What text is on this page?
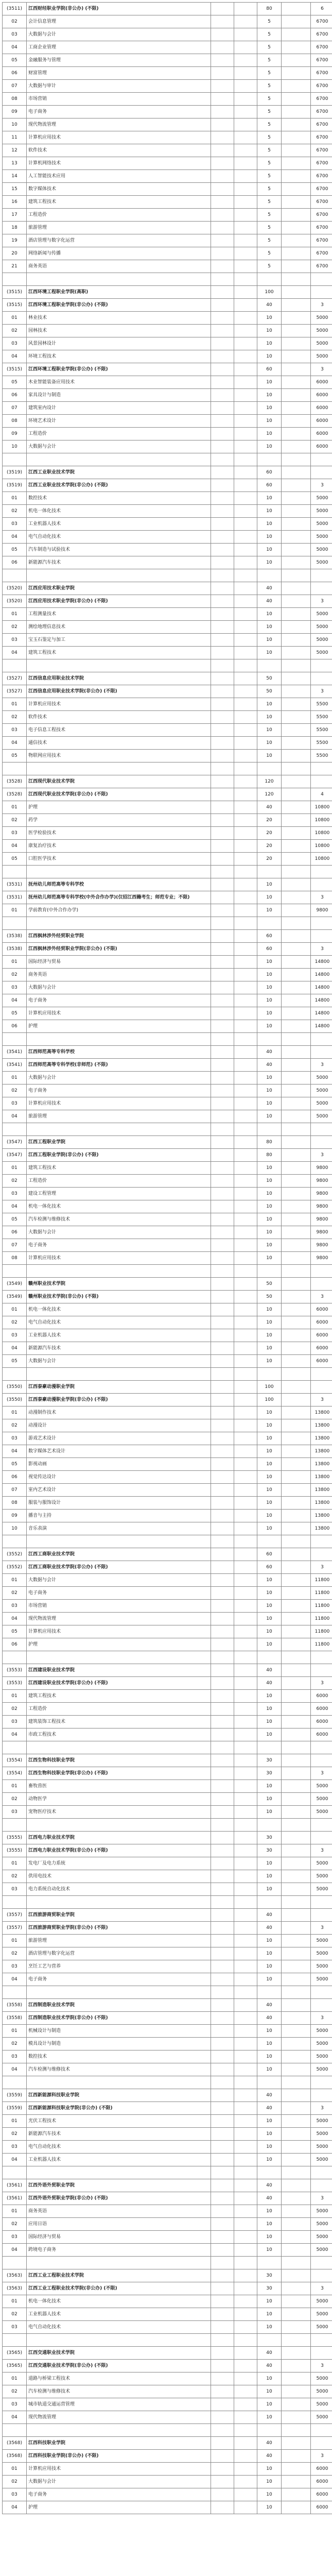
(3511)	江西财经职业学院(非公办) (不限)			80		6
02	会计信息管理			5		6700
03	大数据与会计			5		6700
04	工商企业管理			5		6700
05	金融服务与管理			5		6700
06	财富管理			5		6700
07	大数据与审计			5		6700
08	市场营销			5		6700
09	电子商务			5		6700
10	现代物流管理			5		6700
11	计算机应用技术			5		6700
12	软件技术			5		6700
13	计算机网络技术			5		6700
14	人工智能技术应用			5		6700
15	数字媒体技术			5		6700
16	建筑工程技术			5		6700
17	工程造价			5		6700
18	旅游管理			5		6700
19	酒店管理与数字化运营			5		6700
20	网络新闻与传播			5		6700
21	商务英语			5		6700

(3515)	江西环境工程职业学院(高职)			100		
(3515)	江西环境工程职业学院(非公办) (不限)			40		3
01	林业技术			10		5000
02	园林技术			10		5000
03	风景园林设计			10		5000
04	环境工程技术			10		5000
(3515)	江西环境工程职业学院(非公办) (不限)			60		3
05	木业智能装备应用技术			10		6000
06	家具设计与制造			10		6000
07	建筑室内设计			10		6000
08	环境艺术设计			10		6000
09	工程造价			10		6000
10	大数据与会计			10		6000

(3519)	江西工业职业技术学院			60		
(3519)	江西工业职业技术学院(非公办) (不限)			60		3
01	数控技术			10		5000
02	机电一体化技术			10		5000
03	工业机器人技术			10		5000
04	电气自动化技术			10		5000
05	汽车制造与试验技术			10		5000
06	新能源汽车技术			10		5000

(3520)	江西应用技术职业学院			40		
(3520)	江西应用技术职业学院(非公办) (不限)			40		3
01	工程测量技术			10		5000
02	测绘地理信息技术			10		5000
03	宝玉石鉴定与加工			10		5000
04	建筑工程技术			10		5000

(3527)	江西信息应用职业技术学院			50		
(3527)	江西信息应用职业技术学院(非公办) (不限)			50		3
01	计算机应用技术			10		5500
02	软件技术			10		5500
03	电子信息工程技术			10		5500
04	通信技术			10		5500
05	物联网应用技术			10		5500

(3528)	江西现代职业技术学院			120		
(3528)	江西现代职业技术学院(非公办) (不限)			120		4
01	护理			40		10800
02	药学			20		10800
03	医学检验技术			20		10800
04	康复治疗技术			20		10800
05	口腔医学技术			20		10800

(3531)	抚州幼儿师范高等专科学校			10		
(3531)	抚州幼儿师范高等专科学校(中外合作办学)(仅招江西籍考生；师范专业；不限)			10		3
01	学前教育(中外合作办学)			10		9800

(3538)	江西枫林涉外经贸职业学院			60		
(3538)	江西枫林涉外经贸职业学院(非公办) (不限)			60		3
01	国际经济与贸易			10		14800
02	商务英语			10		14800
03	大数据与会计			10		14800
04	电子商务			10		14800
05	计算机应用技术			10		14800
06	护理			10		14800

(3541)	江西师范高等专科学校			40		
(3541)	江西师范高等专科学校(非师范) (不限)			40		3
01	大数据与会计			10		5000
02	电子商务			10		5000
03	计算机应用技术			10		5000
04	旅游管理			10		5000

(3547)	江西工程职业学院			80		
(3547)	江西工程职业学院(非公办) (不限)			80		3
01	建筑工程技术			10		9800
02	工程造价			10		9800
03	建设工程管理			10		9800
04	机电一体化技术			10		9800
05	汽车检测与维修技术			10		9800
06	大数据与会计			10		9800
07	电子商务			10		9800
08	计算机应用技术			10		9800

(3549)	赣州职业技术学院			50		
(3549)	赣州职业技术学院(非公办) (不限)			50		3
01	机电一体化技术			10		6000
02	电气自动化技术			10		6000
03	工业机器人技术			10		6000
04	新能源汽车技术			10		6000
05	大数据与会计			10		6000

(3550)	江西泰豪动漫职业学院			100		
(3550)	江西泰豪动漫职业学院(非公办) (不限)			100		3
01	动漫制作技术			10		13800
02	动漫设计			10		13800
03	游戏艺术设计			10		13800
04	数字媒体艺术设计			10		13800
05	影视动画			10		13800
06	视觉传达设计			10		13800
07	室内艺术设计			10		13800
08	服装与服饰设计			10		13800
09	播音与主持			10		13800
10	音乐表演			10		13800

(3552)	江西工商职业技术学院			60		
(3552)	江西工商职业技术学院(非公办) (不限)			60		3
01	大数据与会计			10		11800
02	电子商务			10		11800
03	市场营销			10		11800
04	现代物流管理			10		11800
05	计算机应用技术			10		11800
06	护理			10		11800

(3553)	江西建设职业技术学院			40		
(3553)	江西建设职业技术学院(非公办) (不限)			40		3
01	建筑工程技术			10		6000
02	工程造价			10		6000
03	建筑装饰工程技术			10		6000
04	市政工程技术			10		6000

(3554)	江西生物科技职业学院			30		
(3554)	江西生物科技职业学院(非公办) (不限)			30		3
01	畜牧兽医			10		5000
02	动物医学			10		5000
03	宠物医疗技术			10		5000

(3555)	江西电力职业技术学院			30		
(3555)	江西电力职业技术学院(非公办) (不限)			30		3
01	发电厂及电力系统			10		5000
02	供用电技术			10		5000
03	电力系统自动化技术			10		5000

(3557)	江西旅游商贸职业学院			40		
(3557)	江西旅游商贸职业学院(非公办) (不限)			40		3
01	旅游管理			10		5000
02	酒店管理与数字化运营			10		5000
03	烹饪工艺与营养			10		5000
04	电子商务			10		5000

(3558)	江西制造职业技术学院			40		
(3558)	江西制造职业技术学院(非公办) (不限)			40		3
01	机械设计与制造			10		5000
02	模具设计与制造			10		5000
03	数控技术			10		5000
04	汽车检测与维修技术			10		5000

(3559)	江西新能源科技职业学院			40		
(3559)	江西新能源科技职业学院(非公办) (不限)			40		3
01	光伏工程技术			10		5000
02	新能源汽车技术			10		5000
03	电气自动化技术			10		5000
04	工业机器人技术			10		5000

(3561)	江西外语外贸职业学院			40		
(3561)	江西外语外贸职业学院(非公办) (不限)			40		3
01	商务英语			10		5000
02	应用日语			10		5000
03	国际经济与贸易			10		5000
04	跨境电子商务			10		5000

(3563)	江西工业工程职业技术学院			30		
(3563)	江西工业工程职业技术学院(非公办) (不限)			30		3
01	机电一体化技术			10		5000
02	工业机器人技术			10		5000
03	电气自动化技术			10		5000

(3565)	江西交通职业技术学院			40		
(3565)	江西交通职业技术学院(非公办) (不限)			40		3
01	道路与桥梁工程技术			10		5000
02	汽车检测与维修技术			10		5000
03	城市轨道交通运营管理			10		5000
04	现代物流管理			10		5000

(3568)	江西科技职业学院			40		
(3568)	江西科技职业学院(非公办) (不限)			40		3
01	计算机应用技术			10		6000
02	大数据与会计			10		6000
03	电子商务			10		6000
04	护理			10		6000
